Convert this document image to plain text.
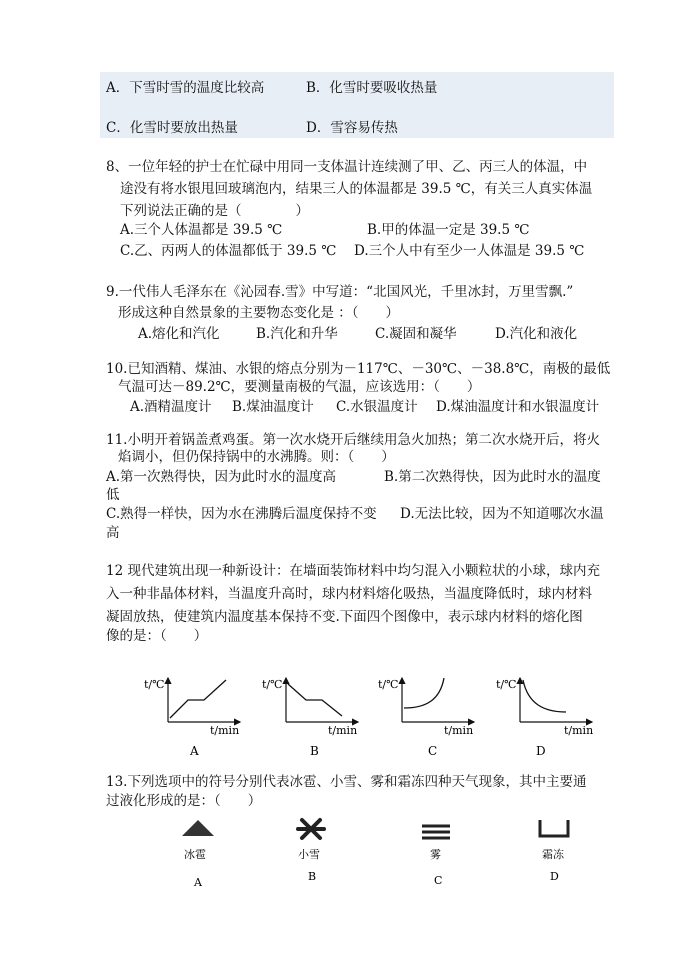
A．下雪时雪的温度比较高	B．化雪时要吸收热量
C．化雪时要放出热量	D．雪容易传热
8、一位年轻的护士在忙碌中用同一支体温计连续测了甲、乙、丙三人的体温，中
途没有将水银甩回玻璃泡内，结果三人的体温都是 39.5 ℃，有关三人真实体温
下列说法正确的是（　　　　）
A.三个人体温都是 39.5 ℃	B.甲的体温一定是 39.5 ℃
C.乙、丙两人的体温都低于 39.5 ℃ D.三个人中有至少一人体温是 39.5 ℃
9.一代伟人毛泽东在《沁园春.雪》中写道：“北国风光，千里冰封，万里雪飘.”
形成这种自然景象的主要物态变化是 ：（　　）
A.熔化和汽化	B.汽化和升华	C.凝固和凝华	D.汽化和液化
10.已知酒精、煤油、水银的熔点分别为－117℃、－30℃、－38.8℃，南极的最低
气温可达－89.2℃，要测量南极的气温，应该选用：（　　）
A.酒精温度计 B.煤油温度计 C.水银温度计 D.煤油温度计和水银温度计
11.小明开着锅盖煮鸡蛋。第一次水烧开后继续用急火加热；第二次水烧开后，将火
焰调小，但仍保持锅中的水沸腾。则：（　　）
A.第一次熟得快，因为此时水的温度高	B.第二次熟得快，因为此时水的温度
低
C.熟得一样快，因为水在沸腾后温度保持不变 D.无法比较，因为不知道哪次水温
高
12 现代建筑出现一种新设计：在墙面装饰材料中均匀混入小颗粒状的小球，球内充
入一种非晶体材料，当温度升高时，球内材料熔化吸热，当温度降低时，球内材料
凝固放热，使建筑内温度基本保持不变.下面四个图像中，表示球内材料的熔化图
像的是：（　　）
t/℃
t/min
A
t/℃
t/min
B
t/℃
t/min
C
t/℃
t/min
D
13.下列选项中的符号分别代表冰雹、小雪、雾和霜冻四种天气现象，其中主要通
过液化形成的是：（　　）
冰雹
A
小雪
B
雾
C
霜冻
D
